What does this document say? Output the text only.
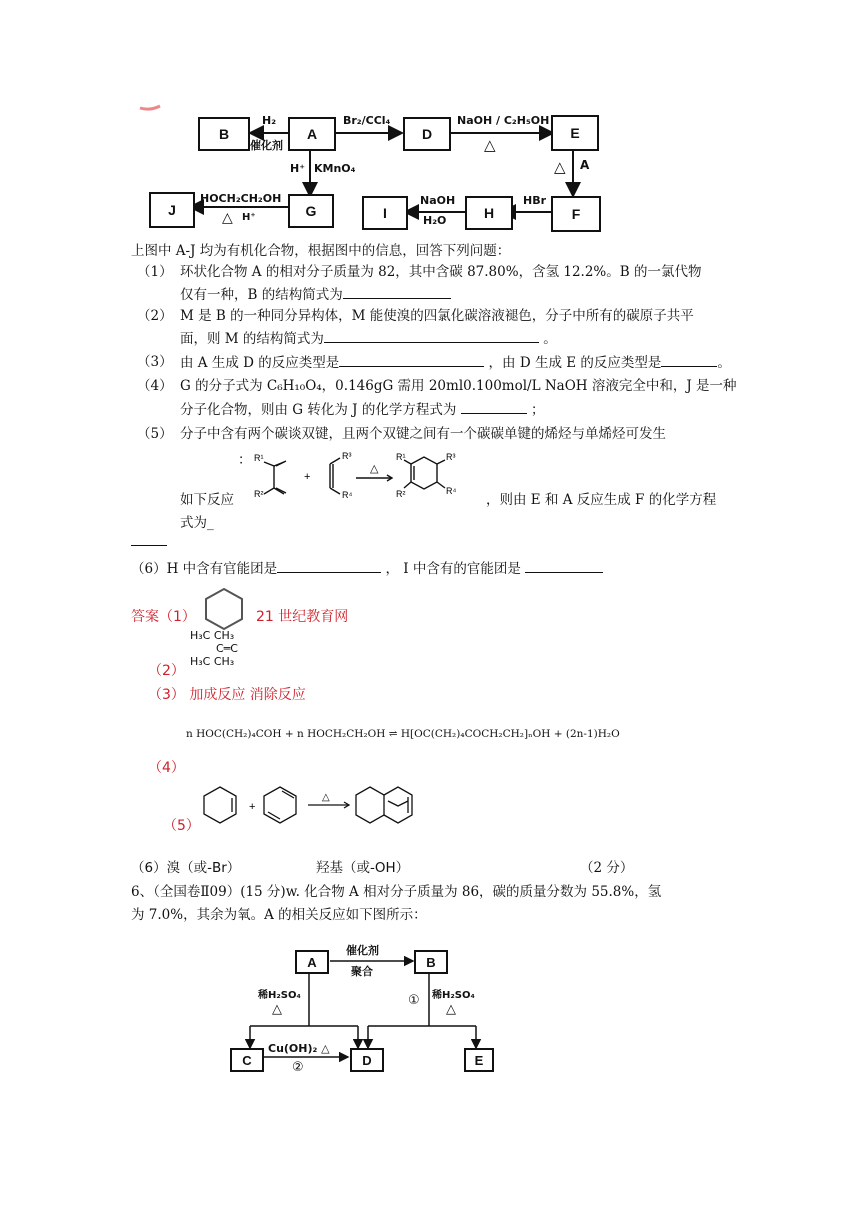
B	A	D	E
J	G	I	H	F
H₂
催化剂
Br₂/CCl₄	NaOH / C₂H₅OH
△
H⁺ KMnO₄	△ A
HBr
NaOH
H₂O
HOCH₂CH₂OH
△ H⁺
上图中 A-J 均为有机化合物，根据图中的信息，回答下列问题：
（1） 环状化合物 A 的相对分子质量为 82，其中含碳 87.80%，含氢 12.2%。B 的一氯代物
仅有一种，B 的结构简式为
（2） M 是 B 的一种同分异构体，M 能使溴的四氯化碳溶液褪色，分子中所有的碳原子共平
面，则 M 的结构简式为	。
（3） 由 A 生成 D 的反应类型是	，由 D 生成 E 的反应类型是	。
（4） G 的分子式为 C₆H₁₀O₄，0.146gG 需用 20ml0.100mol/L NaOH 溶液完全中和，J 是一种
分子化合物，则由 G 转化为 J 的化学方程式为	；
（5） 分子中含有两个碳谈双键，且两个双键之间有一个碳碳单键的烯烃与单烯烃可发生
△
R¹
R²
+
R³
R⁴
R¹
R²
R³
R⁴
：
如下反应	，则由 E 和 A 反应生成 F 的化学方程
式为_
（6）H 中含有官能团是	， I 中含有的官能团是
答案（1）	21 世纪教育网
H₃C CH₃
C═C
H₃C CH₃
（2）
（3） 加成反应 消除反应
n HOC(CH₂)₄COH + n HOCH₂CH₂OH ⇌ H[OC(CH₂)₄COCH₂CH₂]ₙOH + (2n-1)H₂O
（4）
+
△
（5）
（6）溴（或-Br）	羟基（或-OH）	（2 分）
6、（全国卷Ⅱ09）(15 分)w. 化合物 A 相对分子质量为 86，碳的质量分数为 55.8%，氢
为 7.0%，其余为氧。A 的相关反应如下图所示：
A	B
C	D	E
催化剂
聚合
稀H₂SO₄
△
① 稀H₂SO₄
△
Cu(OH)₂ △
②
